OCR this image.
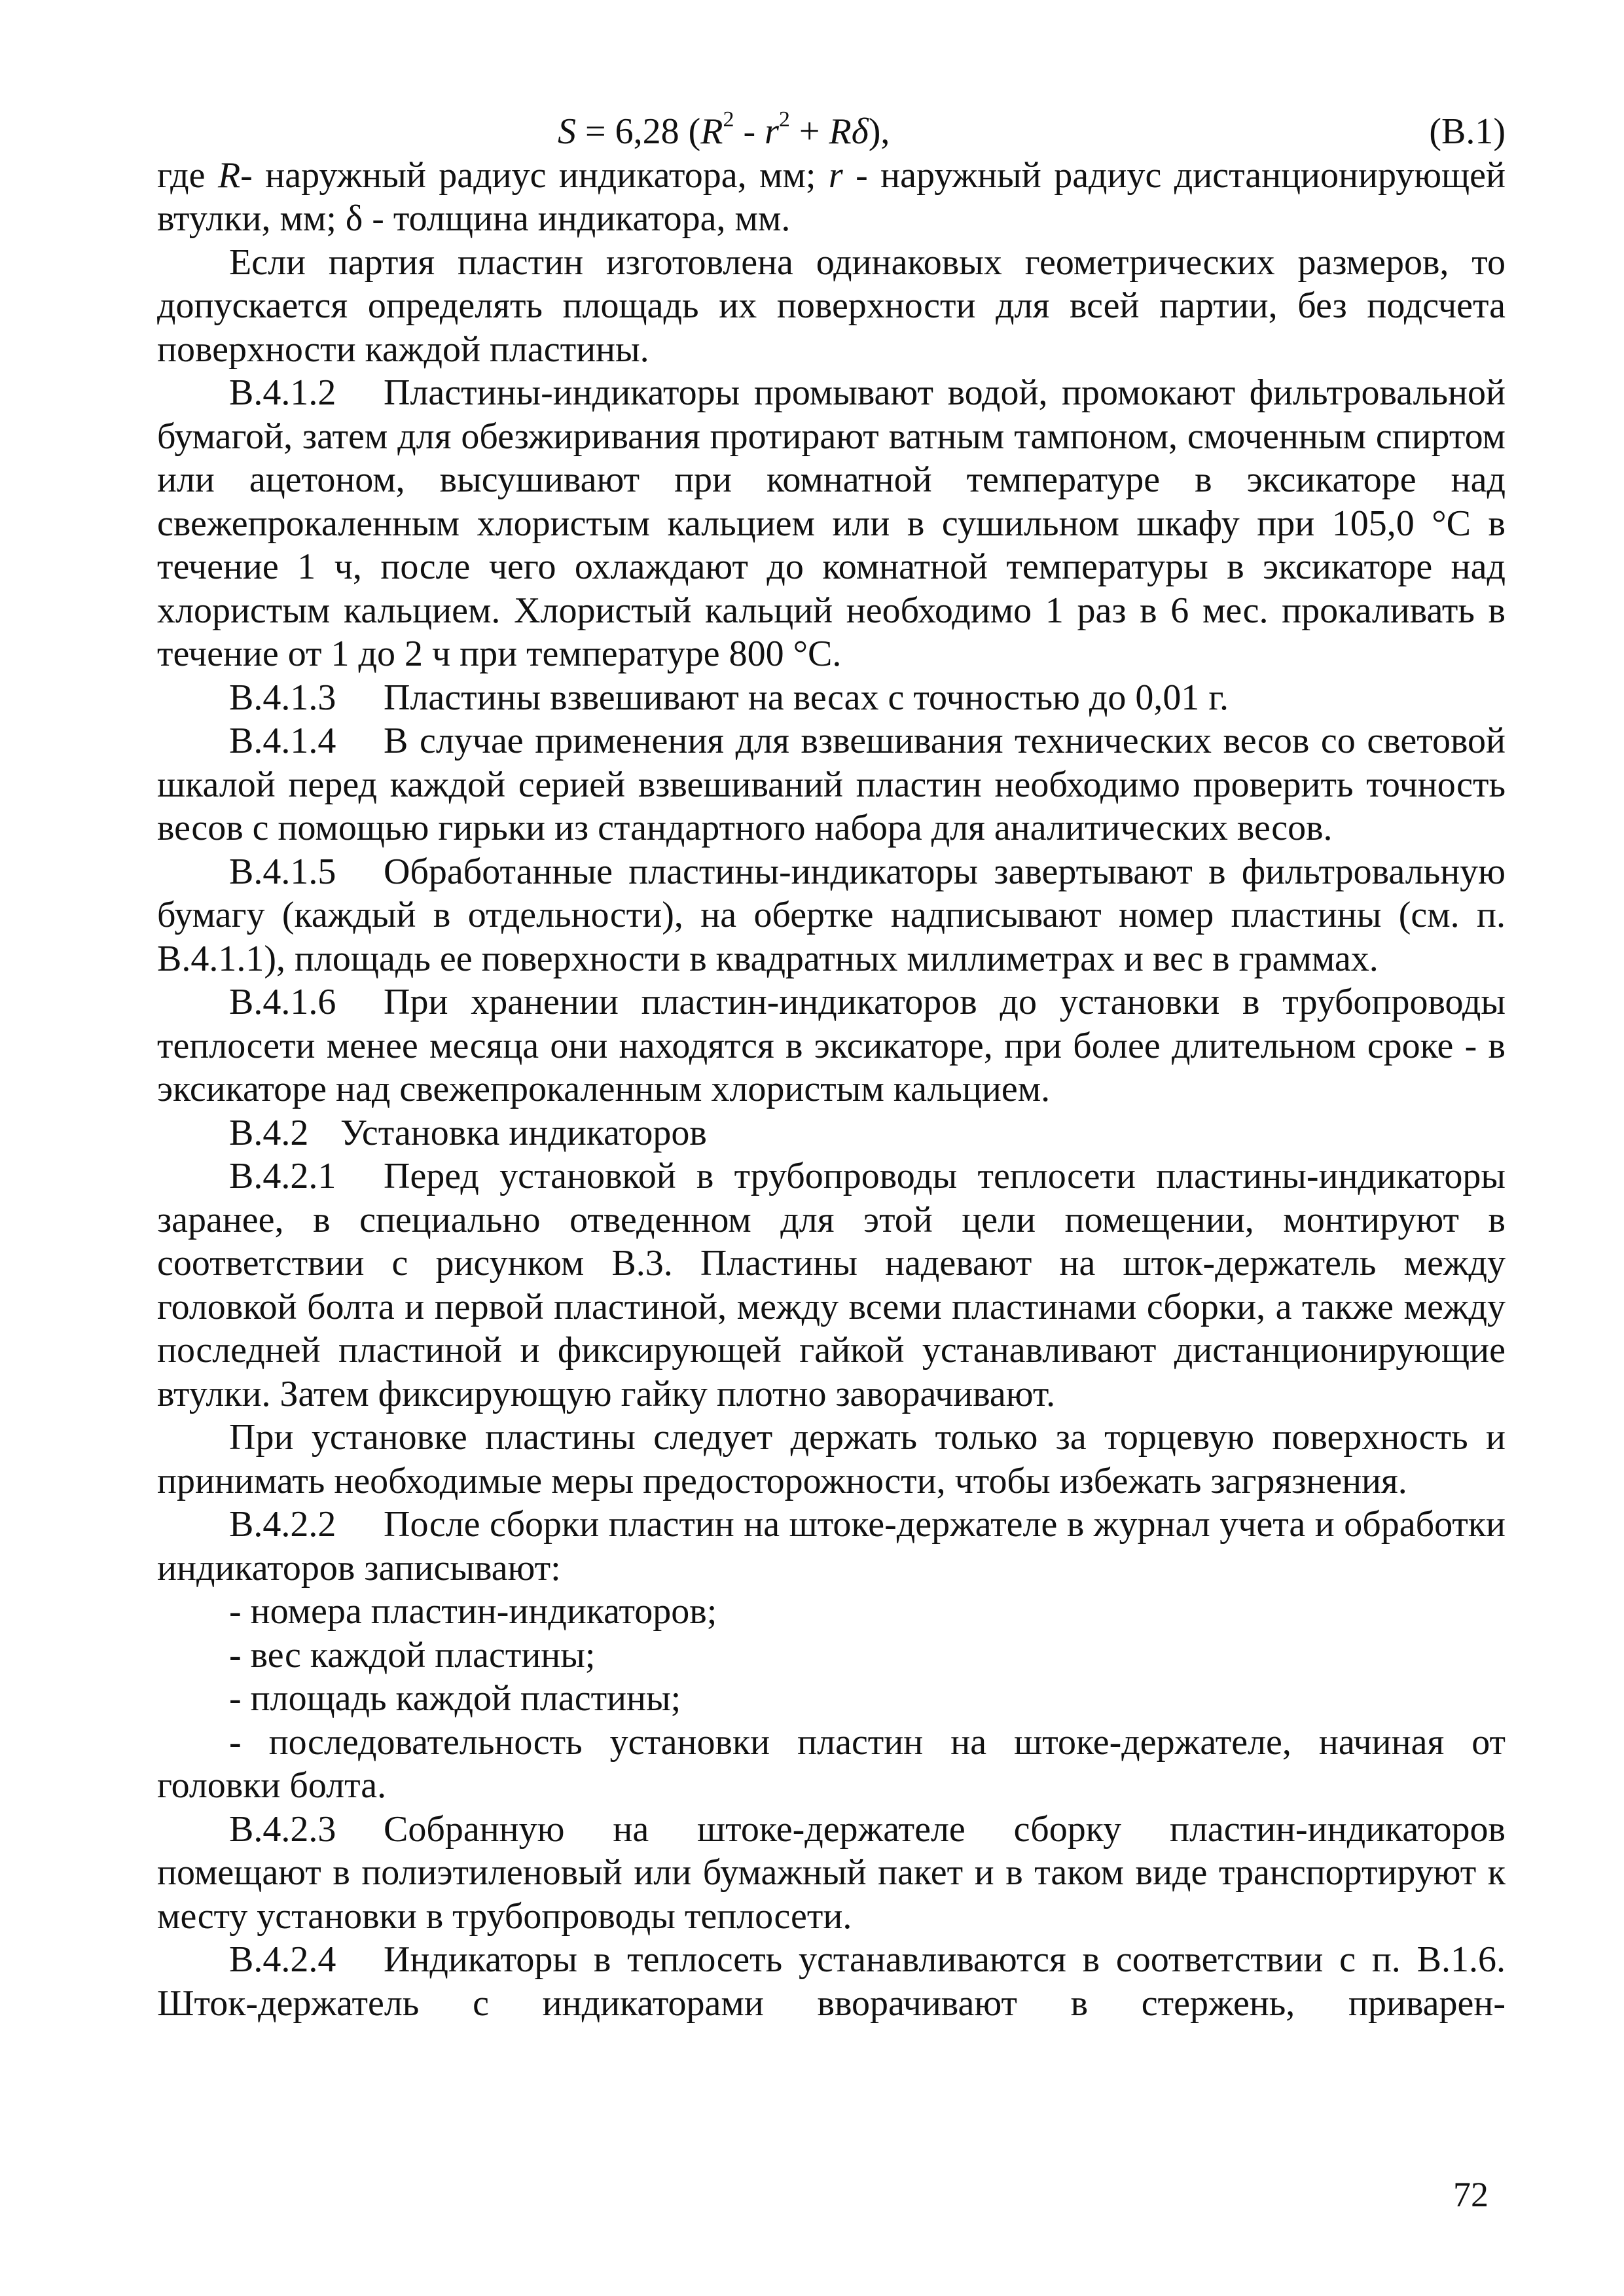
S = 6,28 $(R^2 - r^2 + R\delta)$,	(В.1)

где R- наружный радиус индикатора, мм; r - наружный радиус дистанционирующей втулки, мм; δ - толщина индикатора, мм.

Если партия пластин изготовлена одинаковых геометрических размеров, то допускается определять площадь их поверхности для всей партии, без подсчета поверхности каждой пластины.

В.4.1.2 Пластины-индикаторы промывают водой, промокают фильтровальной бумагой, затем для обезжиривания протирают ватным тампоном, смоченным спиртом или ацетоном, высушивают при комнатной температуре в эксикаторе над свежепрокаленным хлористым кальцием или в сушильном шкафу при 105,0 °С в течение 1 ч, после чего охлаждают до комнатной температуры в эксикаторе над хлористым кальцием. Хлористый кальций необходимо 1 раз в 6 мес. прокаливать в течение от 1 до 2 ч при температуре 800 °С.

В.4.1.3 Пластины взвешивают на весах с точностью до 0,01 г.

В.4.1.4 В случае применения для взвешивания технических весов со световой шкалой перед каждой серией взвешиваний пластин необходимо проверить точность весов с помощью гирьки из стандартного набора для аналитических весов.

В.4.1.5 Обработанные пластины-индикаторы завертывают в фильтровальную бумагу (каждый в отдельности), на обертке надписывают номер пластины (см. п. В.4.1.1), площадь ее поверхности в квадратных миллиметрах и вес в граммах.

В.4.1.6 При хранении пластин-индикаторов до установки в трубопроводы теплосети менее месяца они находятся в эксикаторе, при более длительном сроке - в эксикаторе над свежепрокаленным хлористым кальцием.

В.4.2 Установка индикаторов

В.4.2.1 Перед установкой в трубопроводы теплосети пластины-индикаторы заранее, в специально отведенном для этой цели помещении, монтируют в соответствии с рисунком В.3. Пластины надевают на шток-держатель между головкой болта и первой пластиной, между всеми пластинами сборки, а также между последней пластиной и фиксирующей гайкой устанавливают дистанционирующие втулки. Затем фиксирующую гайку плотно заворачивают.

При установке пластины следует держать только за торцевую поверхность и принимать необходимые меры предосторожности, чтобы избежать загрязнения.

В.4.2.2 После сборки пластин на штоке-держателе в журнал учета и обработки индикаторов записывают:

- номера пластин-индикаторов;

- вес каждой пластины;

- площадь каждой пластины;

- последовательность установки пластин на штоке-держателе, начиная от головки болта.

В.4.2.3 Собранную на штоке-держателе сборку пластин-индикаторов помещают в полиэтиленовый или бумажный пакет и в таком виде транспортируют к месту установки в трубопроводы теплосети.

В.4.2.4 Индикаторы в теплосеть устанавливаются в соответствии с п. В.1.6. Шток-держатель с индикаторами вворачивают в стержень, приварен-

72
